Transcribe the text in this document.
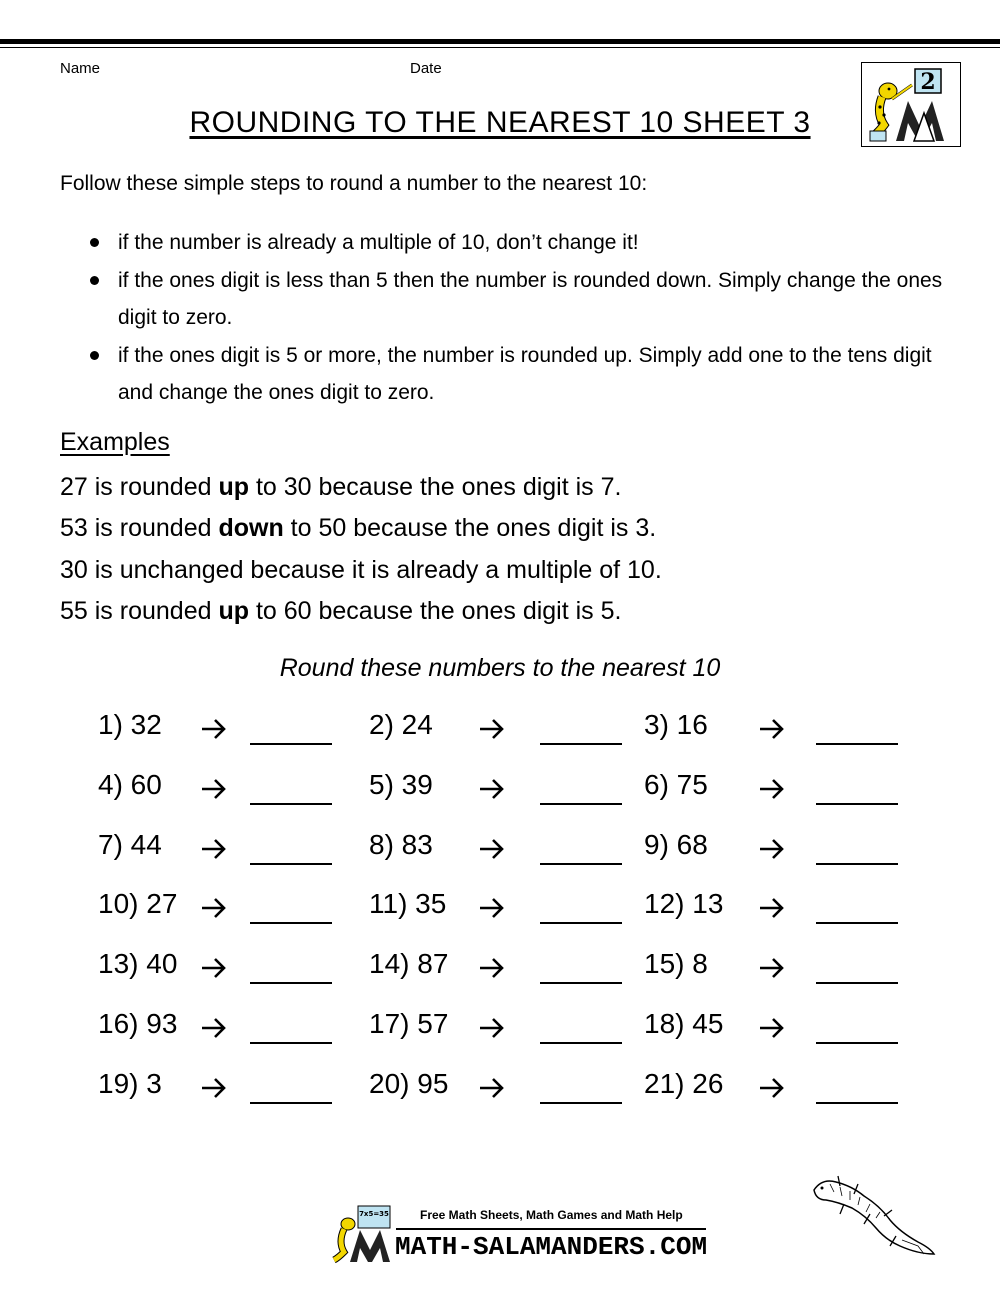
Name	Date
ROUNDING TO THE NEAREST 10 SHEET 3
2
Follow these simple steps to round a number to the nearest 10:
if the number is already a multiple of 10, don’t change it!
if the ones digit is less than 5 then the number is rounded down. Simply change the ones digit to zero.
if the ones digit is 5 or more, the number is rounded up. Simply add one to the tens digit and change the ones digit to zero.
Examples
27 is rounded up to 30 because the ones digit is 7.
53 is rounded down to 50 because the ones digit is 3.
30 is unchanged because it is already a multiple of 10.
55 is rounded up to 60 because the ones digit is 5.
Round these numbers to the nearest 10
1) 32	2) 24	3) 16
4) 60	5) 39	6) 75
7) 44	8) 83	9) 68
10) 27	11) 35	12) 13
13) 40	14) 87	15) 8
16) 93	17) 57	18) 45
19) 3	20) 95	21) 26
7x5=35	Free Math Sheets, Math Games and Math Help
MATH-SALAMANDERS.COM
